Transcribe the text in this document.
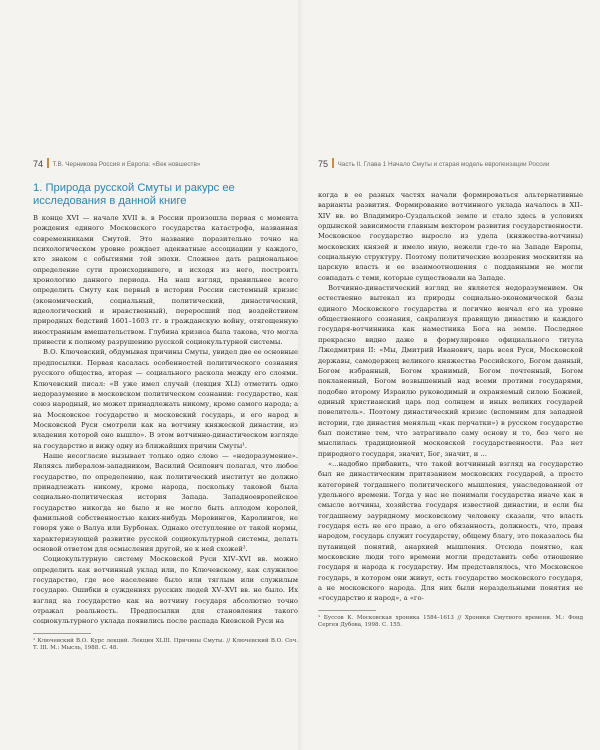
74 Т.В. Черникова Россия и Европа: «Век новшеств»
1. Природа русской Смуты и ракурс ее исследования в данной книге

В конце XVI — начале XVII в. в России произошла первая с момента рождения единого Московского государства катастрофа, названная современниками Смутой. Это название поразительно точно на психологическом уровне рождает адекватные ассоциации у каждого, кто знаком с событиями той эпохи. Сложнее дать рациональное определение сути происходившего, и исходя из него, построить хронологию данного периода. На наш взгляд, правильнее всего определить Смуту как первый в истории России системный кризис (экономический, социальный, политический, династический, идеологический и нравственный), перероcший под воздействием природных бедствий 1601–1603 гг. в гражданскую войну, отягощенную иностранным вмешательством. Глубина кризиса была такова, что могла привести к полному разрушению русской социокультурной системы.

В.О. Ключевский, обдумывая причины Смуты, увидел две ее основные предпосылки. Первая касалась особенностей политического сознания русского общества, вторая — социального раскола между его слоями. Ключевский писал: «В уже имел случай (лекция XLI) отметить одно недоразумение в московском политическом сознании: государство, как союз народный, не может принадлежать никому, кроме самого народа; а на Московское государство и московский государь, и его народ в Московской Руси смотрели как на вотчину княжеской династии, из владения которой оно вышло». В этом вотчинно-династическом взгляде на государство и вижу одну из ближайших причин Смуты¹.

Наше несогласие вызывает только одно слово — «недоразумение». Являясь либералом-западником, Василий Осипович полагал, что любое государство, по определению, как политический институт не должно принадлежать никому, кроме народа, поскольку таковой была социально-политическая история Запада. Западноевропейское государство никогда не было и не могло быть аллодом королей, фамильной собственностью каких-нибудь Меровингов, Каролингов, не говоря уже о Валуа или Бурбонах. Однако отступление от такой нормы, характеризующей развитие русской социокультурной системы, делать основой ответом для осмысления другой, не к ней схожей².

Социокультурную систему Московской Руси XIV–XVI вв. можно определить как вотчинный уклад или, по Ключевскому, как служилое государство, где все население было или тяглым или служилым государю. Ошибки в суждениях русских людей XV–XVI вв. не было. Их взгляд на государство как на вотчину государя абсолютно точно отражал реальность. Предпосылки для становления такого социокультурного уклада появились после распада Киевской Руси на

¹ Ключевский В.О. Курс лекций. Лекция XLIII. Причины Смуты. // Ключевский В.О. Соч. Т. III. М.: Мысль, 1988. С. 48.
75 Часть II. Глава 1 Начало Смуты и старая модель европеизации России

когда в ее разных частях начали формироваться альтернативные варианты развития. Формирование вотчинного уклада началось в XII–XIV вв. во Владимиро-Суздальской земле и стало здесь в условиях ордынской зависимости главным вектором развития государственности. Московское государство выросло из удела (княжества-вотчины) московских князей и имело иную, нежели где-то на Западе Европы, социальную структуру. Поэтому политические воззрения москвитян на царскую власть и ее взаимоотношения с подданными не могли совпадать с теми, которые существовали на Западе.

Вотчинно-династический взгляд не является недоразумением. Он естественно вытекал из природы социально-экономической базы единого Московского государства и логично венчал его на уровне общественного сознания, сакрализуя правящую династию и каждого государя-вотчинника как наместника Бога на земле. Последнее прекрасно видно даже в формулировке официального титула Лжедмитрия II: «Мы, Дмитрий Иванович, царь всея Руси, Московской державы, самодержец великого княжества Российского, Богом данный, Богом избранный, Богом хранимый, Богом почтенный, Богом покланенный, Богом возвышенный над всеми протими государями, подобно второму Израилю руководимый и охраняемый силою Божией, единый христианский царь под солнцем и иных великих государей повелитель». Поэтому династический кризис (вспомним для западной истории, где династия меняльщ «как перчатки») в русском государстве был поистине тем, что затрагивало саму основу и то, без чего не мыслилась традиционной московской государственности. Раз нет природного государя, значит, Бог, значит, и ...

«...надобно прибавить, что такой вотчинный взгляд на государство был не династическим притязанием московских государей, а просто категорией тогдашнего политического мышления, унаследованной от удельного времени. Тогда у нас не понимали государства иначе как в смысле вотчины, хозяйства государя известной династии, и если бы тогдашнему заурядному московскому человеку сказали, что власть государя есть не его право, а его обязанность, должность, что, правя народом, государь служит государству, общему благу, это показалось бы путаницей понятий, анархией мышления. Отсюда понятно, как московские люди того времени могли представить себе отношение государя и народа к государству. Им представлялось, что Московское государь, в котором они живут, есть государство московского государя, а не московского народа. Для них были нераздельными понятия не «государство и народ», а «го-

¹ Буссов К. Московская хроника 1584–1613 // Хроники Смутного времени. М.: Фонд Сергея Дубова, 1998. С. 155.
